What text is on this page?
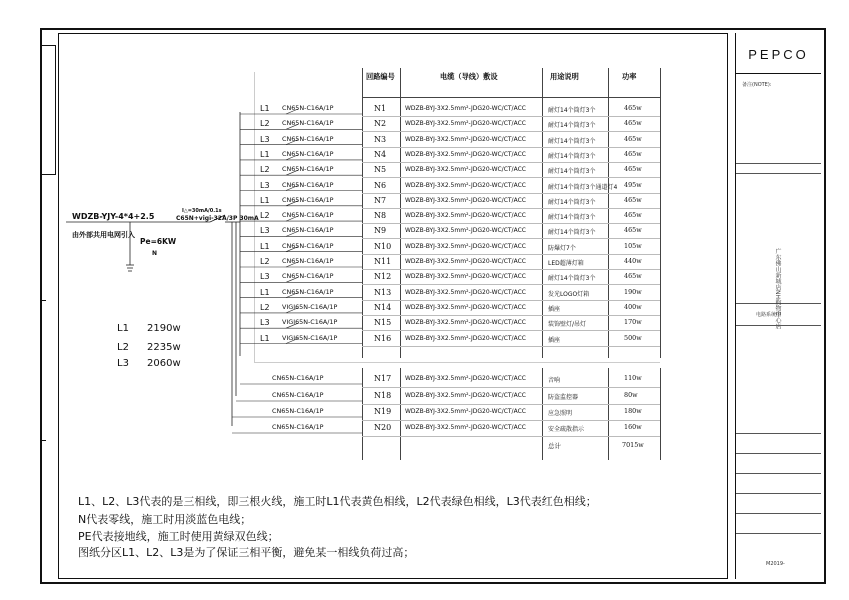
回路编号	电缆（导线）敷设	用途说明	功率
WDZB-YJY-4*4+2.5
由外部共用电网引入
Pe=6KW
N
I△=30mA/0.1s
C65N+vigi-32A/3P 30mA
L1 CN65N-C16A/1P	N1	WDZB-BYJ-3X2.5mm²-JDG20-WC/CT/ACC	耐灯14个筒灯3个	465w
L2 CN65N-C16A/1P	N2	WDZB-BYJ-3X2.5mm²-JDG20-WC/CT/ACC	耐灯14个筒灯3个	465w
L3 CN65N-C16A/1P	N3	WDZB-BYJ-3X2.5mm²-JDG20-WC/CT/ACC	耐灯14个筒灯3个	465w
L1 CN65N-C16A/1P	N4	WDZB-BYJ-3X2.5mm²-JDG20-WC/CT/ACC	耐灯14个筒灯3个	465w
L2 CN65N-C16A/1P	N5	WDZB-BYJ-3X2.5mm²-JDG20-WC/CT/ACC	耐灯14个筒灯3个	465w
L3 CN65N-C16A/1P	N6	WDZB-BYJ-3X2.5mm²-JDG20-WC/CT/ACC	耐灯14个筒灯3个通道灯4 495w
L1 CN65N-C16A/1P	N7	WDZB-BYJ-3X2.5mm²-JDG20-WC/CT/ACC	耐灯14个筒灯3个	465w
L2 CN65N-C16A/1P	N8	WDZB-BYJ-3X2.5mm²-JDG20-WC/CT/ACC	耐灯14个筒灯3个	465w
L3 CN65N-C16A/1P	N9	WDZB-BYJ-3X2.5mm²-JDG20-WC/CT/ACC	耐灯14个筒灯3个	465w
L1 CN65N-C16A/1P	N10 WDZB-BYJ-3X2.5mm²-JDG20-WC/CT/ACC	防爆灯7个	105w
L2 CN65N-C16A/1P	N11 WDZB-BYJ-3X2.5mm²-JDG20-WC/CT/ACC	LED超薄灯箱	440w
L3 CN65N-C16A/1P	N12 WDZB-BYJ-3X2.5mm²-JDG20-WC/CT/ACC	耐灯14个筒灯3个	465w
L1 CN65N-C16A/1P	N13 WDZB-BYJ-3X2.5mm²-JDG20-WC/CT/ACC	发光LOGO灯箱	190w
L2 VIGI65N-C16A/1P	N14 WDZB-BYJ-3X2.5mm²-JDG20-WC/CT/ACC	插座	400w
L3 VIGI65N-C16A/1P	N15 WDZB-BYJ-3X2.5mm²-JDG20-WC/CT/ACC	装饰壁灯/吊灯	170w
L1 VIGI65N-C16A/1P	N16 WDZB-BYJ-3X2.5mm²-JDG20-WC/CT/ACC	插座	500w
CN65N-C16A/1P	N17 WDZB-BYJ-3X2.5mm²-JDG20-WC/CT/ACC	音响	110w
CN65N-C16A/1P	N18 WDZB-BYJ-3X2.5mm²-JDG20-WC/CT/ACC	防盗监控器	80w
CN65N-C16A/1P	N19 WDZB-BYJ-3X2.5mm²-JDG20-WC/CT/ACC	应急照明	180w
CN65N-C16A/1P	N20 WDZB-BYJ-3X2.5mm²-JDG20-WC/CT/ACC	安全疏散指示	160w
总计	7015w
L1 2190w
L2 2235w
L3 2060w
L1、L2、L3代表的是三相线，即三根火线，施工时L1代表黄色相线，L2代表绿色相线，L3代表红色相线；
N代表零线，施工时用淡蓝色电线；
PE代表接地线，施工时使用黄绿双色线；
图纸分区L1、L2、L3是为了保证三相平衡，避免某一相线负荷过高；
PEPCO
备注(NOTE):
广东佛山新城店NH购物中心店
电路系统图
M2019-
